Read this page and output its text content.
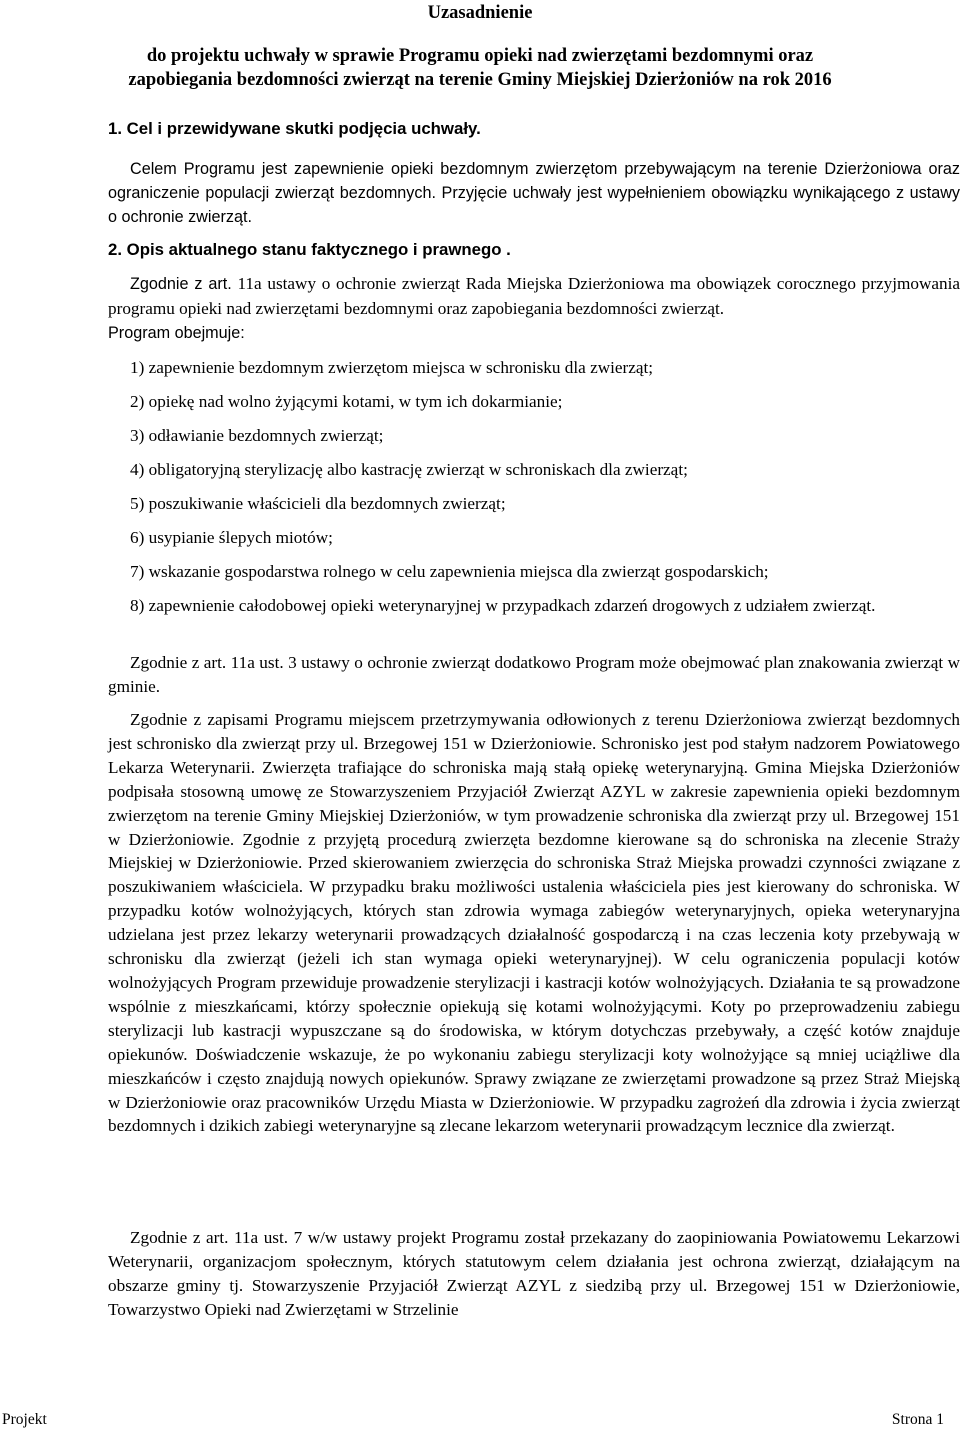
Uzasadnienie
do projektu uchwały w sprawie Programu opieki nad zwierzętami bezdomnymi oraz zapobiegania bezdomności zwierząt na terenie Gminy Miejskiej Dzierżoniów na rok 2016
1. Cel i przewidywane skutki podjęcia uchwały.
Celem Programu jest zapewnienie opieki bezdomnym zwierzętom przebywającym na terenie Dzierżoniowa oraz ograniczenie populacji zwierząt bezdomnych. Przyjęcie uchwały jest wypełnieniem obowiązku wynikającego z ustawy o ochronie zwierząt.
2. Opis aktualnego stanu faktycznego i prawnego .
Zgodnie z art. 11a ustawy o ochronie zwierząt Rada Miejska Dzierżoniowa ma obowiązek corocznego przyjmowania programu opieki nad zwierzętami bezdomnymi oraz zapobiegania bezdomności zwierząt.
Program obejmuje:
1) zapewnienie bezdomnym zwierzętom miejsca w schronisku dla zwierząt;
2) opiekę nad wolno żyjącymi kotami, w tym ich dokarmianie;
3) odławianie bezdomnych zwierząt;
4) obligatoryjną sterylizację albo kastrację zwierząt w schroniskach dla zwierząt;
5) poszukiwanie właścicieli dla bezdomnych zwierząt;
6) usypianie ślepych miotów;
7) wskazanie gospodarstwa rolnego w celu zapewnienia miejsca dla zwierząt gospodarskich;
8) zapewnienie całodobowej opieki weterynaryjnej w przypadkach zdarzeń drogowych z udziałem zwierząt.
Zgodnie z art. 11a ust. 3 ustawy o ochronie zwierząt dodatkowo Program może obejmować plan znakowania zwierząt w gminie.
Zgodnie z zapisami Programu miejscem przetrzymywania odłowionych z terenu Dzierżoniowa zwierząt bezdomnych jest schronisko dla zwierząt przy ul. Brzegowej 151 w Dzierżoniowie. Schronisko jest pod stałym nadzorem Powiatowego Lekarza Weterynarii. Zwierzęta trafiające do schroniska mają stałą opiekę weterynaryjną. Gmina Miejska Dzierżoniów podpisała stosowną umowę ze Stowarzyszeniem Przyjaciół Zwierząt AZYL w zakresie zapewnienia opieki bezdomnym zwierzętom na terenie Gminy Miejskiej Dzierżoniów, w tym prowadzenie schroniska dla zwierząt przy ul. Brzegowej 151 w Dzierżoniowie. Zgodnie z przyjętą procedurą zwierzęta bezdomne kierowane są do schroniska na zlecenie Straży Miejskiej w Dzierżoniowie. Przed skierowaniem zwierzęcia do schroniska Straż Miejska prowadzi czynności związane z poszukiwaniem właściciela. W przypadku braku możliwości ustalenia właściciela pies jest kierowany do schroniska. W przypadku kotów wolnożyjących, których stan zdrowia wymaga zabiegów weterynaryjnych, opieka weterynaryjna udzielana jest przez lekarzy weterynarii prowadzących działalność gospodarczą i na czas leczenia koty przebywają w schronisku dla zwierząt (jeżeli ich stan wymaga opieki weterynaryjnej). W celu ograniczenia populacji kotów wolnożyjących Program przewiduje prowadzenie sterylizacji i kastracji kotów wolnożyjących. Działania te są prowadzone wspólnie z mieszkańcami, którzy społecznie opiekują się kotami wolnożyjącymi. Koty po przeprowadzeniu zabiegu sterylizacji lub kastracji wypuszczane są do środowiska, w którym dotychczas przebywały, a część kotów znajduje opiekunów. Doświadczenie wskazuje, że po wykonaniu zabiegu sterylizacji koty wolnożyjące są mniej uciążliwe dla mieszkańców i często znajdują nowych opiekunów. Sprawy związane ze zwierzętami prowadzone są przez Straż Miejską w Dzierżoniowie oraz pracowników Urzędu Miasta w Dzierżoniowie. W przypadku zagrożeń dla zdrowia i życia zwierząt bezdomnych i dzikich zabiegi weterynaryjne są zlecane lekarzom weterynarii prowadzącym lecznice dla zwierząt.
Zgodnie z art. 11a ust. 7 w/w ustawy projekt Programu został przekazany do zaopiniowania Powiatowemu Lekarzowi Weterynarii, organizacjom społecznym, których statutowym celem działania jest ochrona zwierząt, działającym na obszarze gminy tj. Stowarzyszenie Przyjaciół Zwierząt AZYL z siedzibą przy ul. Brzegowej 151 w Dzierżoniowie, Towarzystwo Opieki nad Zwierzętami w Strzelinie
Projekt	Strona 1
